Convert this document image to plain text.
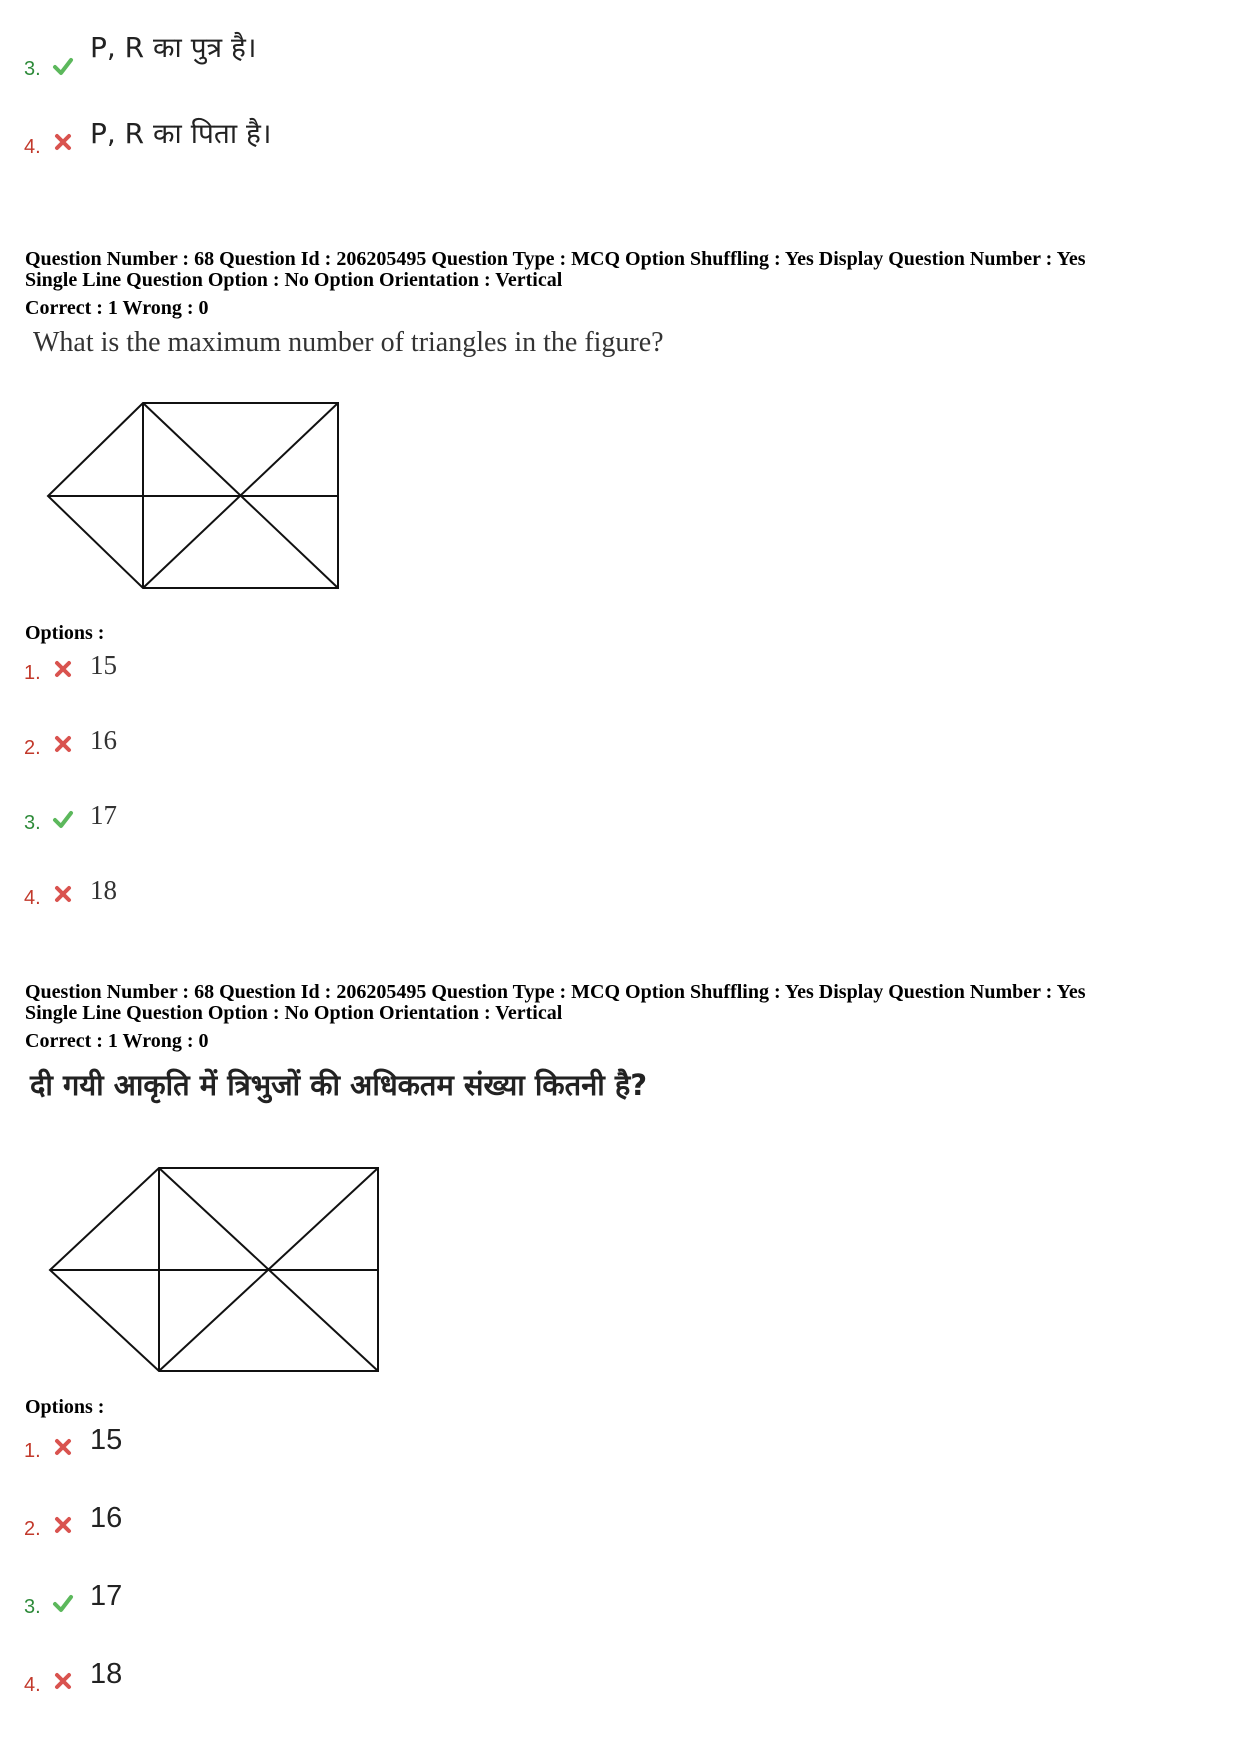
3.
P, R का पुत्र है।
4. P, R का पिता है।
Question Number : 68 Question Id : 206205495 Question Type : MCQ Option Shuffling : Yes Display Question Number : Yes
Single Line Question Option : No Option Orientation : Vertical
Correct : 1 Wrong : 0
What is the maximum number of triangles in the figure?
Options :
1. 15
2. 16
3. 17
4. 18
Question Number : 68 Question Id : 206205495 Question Type : MCQ Option Shuffling : Yes Display Question Number : Yes
Single Line Question Option : No Option Orientation : Vertical
Correct : 1 Wrong : 0
दी गयी आकृति में त्रिभुजों की अधिकतम संख्या कितनी है?
Options :
1. 15
2. 16
3. 17
4. 18
